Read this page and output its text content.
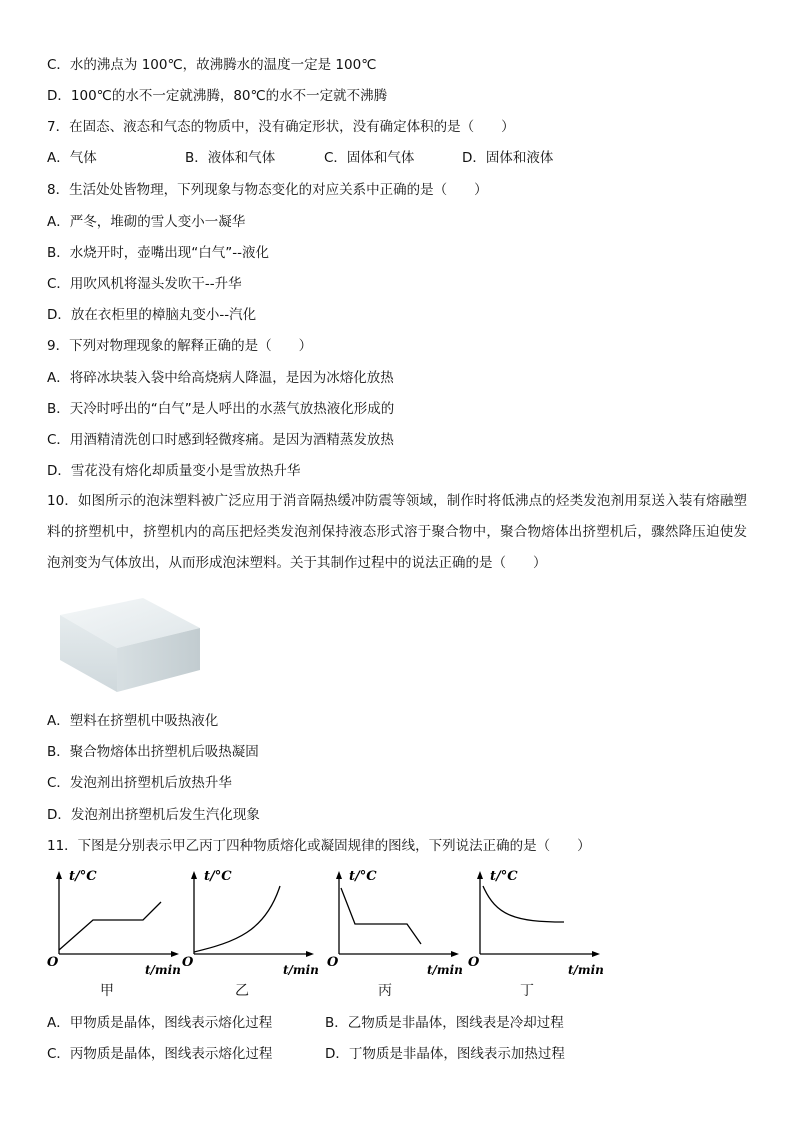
C．水的沸点为 100℃，故沸腾水的温度一定是 100℃
D．100℃的水不一定就沸腾，80℃的水不一定就不沸腾
7．在固态、液态和气态的物质中，没有确定形状，没有确定体积的是（　　）
A．气体	B．液体和气体	C．固体和气体	D．固体和液体
8．生活处处皆物理，下列现象与物态变化的对应关系中正确的是（　　）
A．严冬，堆砌的雪人变小一凝华
B．水烧开时，壶嘴出现“白气”--液化
C．用吹风机将湿头发吹干--升华
D．放在衣柜里的樟脑丸变小--汽化
9．下列对物理现象的解释正确的是（　　）
A．将碎冰块装入袋中给高烧病人降温，是因为冰熔化放热
B．天冷时呼出的“白气”是人呼出的水蒸气放热液化形成的
C．用酒精清洗创口时感到轻微疼痛。是因为酒精蒸发放热
D．雪花没有熔化却质量变小是雪放热升华
10．如图所示的泡沫塑料被广泛应用于消音隔热缓冲防震等领域，制作时将低沸点的烃类发泡剂用泵送入装有熔融塑料的挤塑机中，挤塑机内的高压把烃类发泡剂保持液态形式溶于聚合物中，聚合物熔体出挤塑机后，骤然降压迫使发泡剂变为气体放出，从而形成泡沫塑料。关于其制作过程中的说法正确的是（　　）
A．塑料在挤塑机中吸热液化
B．聚合物熔体出挤塑机后吸热凝固
C．发泡剂出挤塑机后放热升华
D．发泡剂出挤塑机后发生汽化现象
11．下图是分别表示甲乙丙丁四种物质熔化或凝固规律的图线，下列说法正确的是（　　）
t/°C
O	t/min
甲
t/°C
O	t/min
乙
t/°C
O	t/min
丙
t/°C
O	t/min
丁
A．甲物质是晶体，图线表示熔化过程	B．乙物质是非晶体，图线表是冷却过程
C．丙物质是晶体，图线表示熔化过程	D．丁物质是非晶体，图线表示加热过程
